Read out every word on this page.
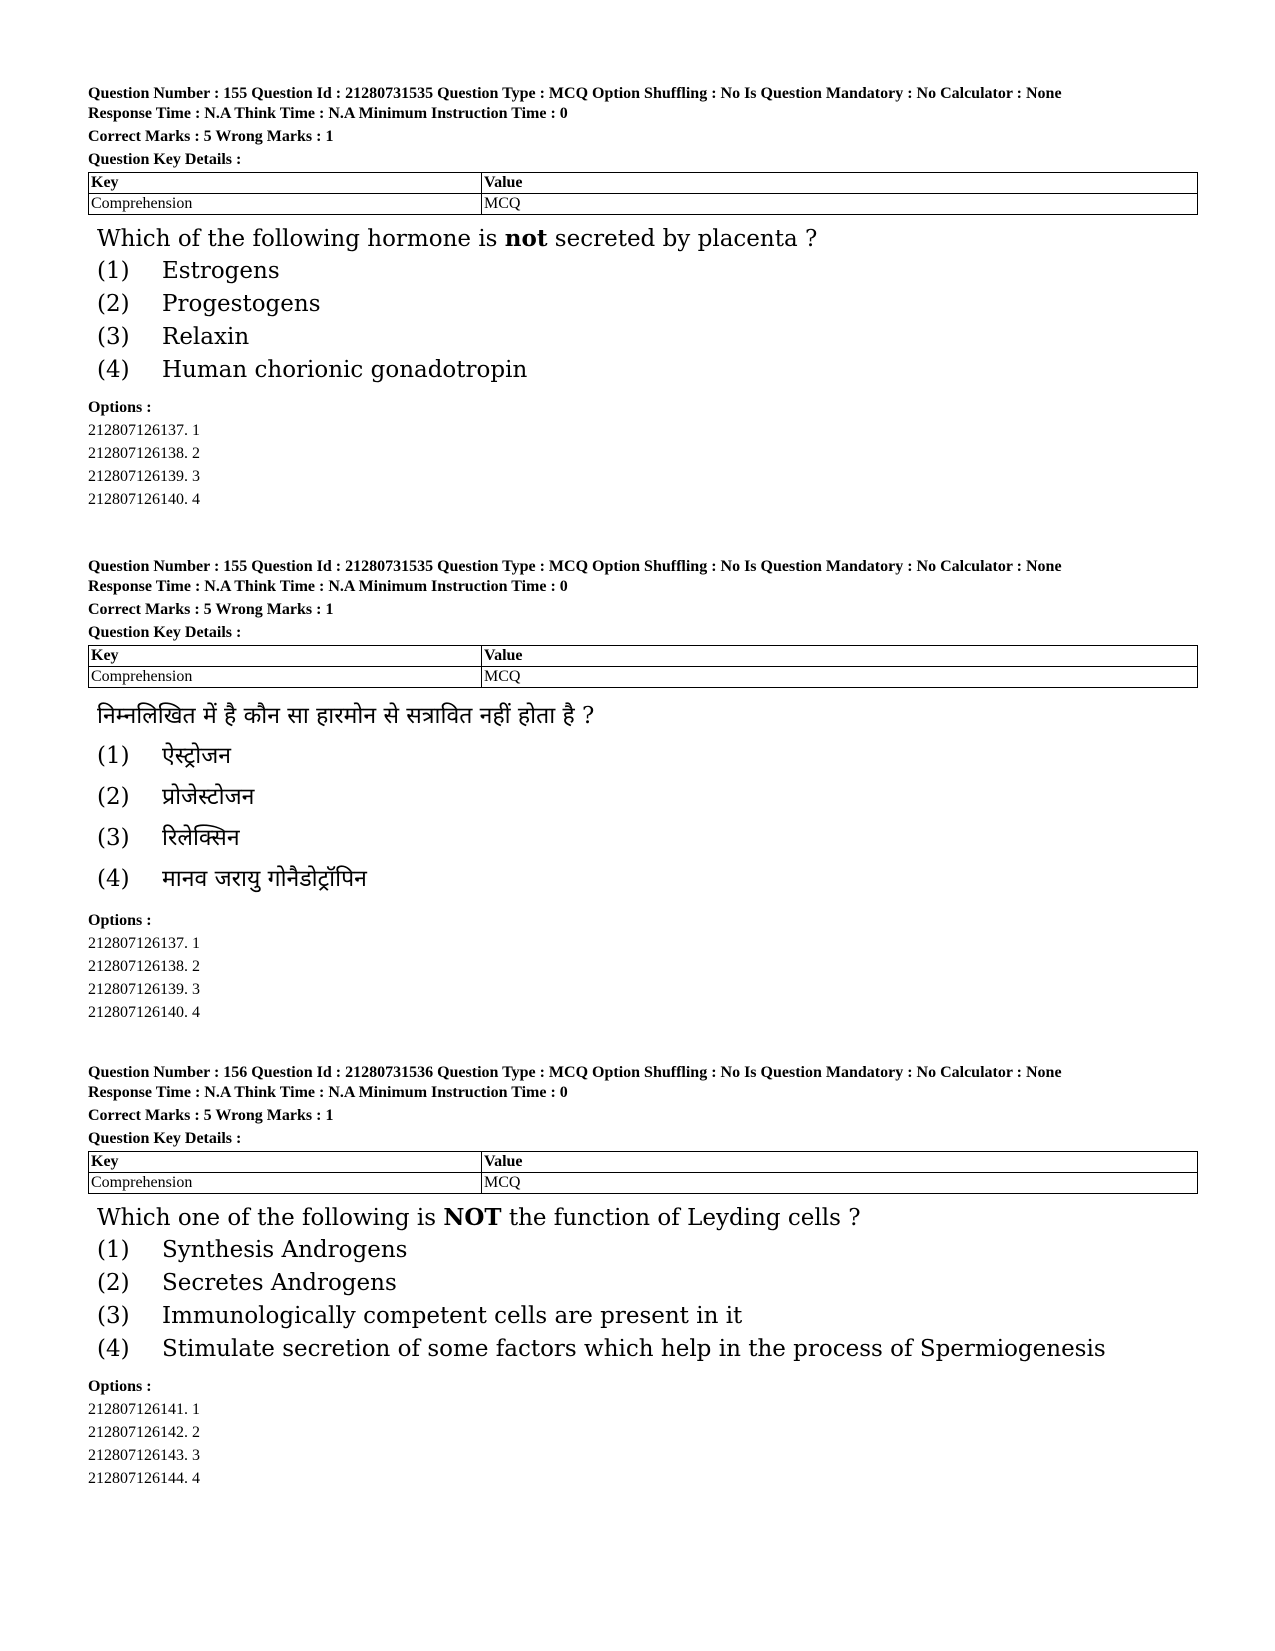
Question Number : 155 Question Id : 21280731535 Question Type : MCQ Option Shuffling : No Is Question Mandatory : No Calculator : None

Response Time : N.A Think Time : N.A Minimum Instruction Time : 0

Correct Marks : 5 Wrong Marks : 1

Question Key Details :

Key	Value
Comprehension	MCQ
Which of the following hormone is not secreted by placenta ?
(1)	Estrogens
(2)	Progestogens
(3)	Relaxin
(4)	Human chorionic gonadotropin
Options :
212807126137. 1
212807126138. 2
212807126139. 3
212807126140. 4

Question Number : 155 Question Id : 21280731535 Question Type : MCQ Option Shuffling : No Is Question Mandatory : No Calculator : None

Response Time : N.A Think Time : N.A Minimum Instruction Time : 0

Correct Marks : 5 Wrong Marks : 1

Question Key Details :

Key	Value
Comprehension	MCQ
निम्नलिखित में है कौन सा हारमोन से सत्रावित नहीं होता है ?
(1)	ऐस्ट्रोजन
(2)	प्रोजेस्टोजन
(3)	रिलेक्सिन
(4)	मानव जरायु गोनैडोट्रॉपिन
Options :
212807126137. 1
212807126138. 2
212807126139. 3
212807126140. 4

Question Number : 156 Question Id : 21280731536 Question Type : MCQ Option Shuffling : No Is Question Mandatory : No Calculator : None

Response Time : N.A Think Time : N.A Minimum Instruction Time : 0

Correct Marks : 5 Wrong Marks : 1

Question Key Details :

Key	Value
Comprehension	MCQ
Which one of the following is NOT the function of Leyding cells ?
(1)	Synthesis Androgens
(2)	Secretes Androgens
(3)	Immunologically competent cells are present in it
(4)	Stimulate secretion of some factors which help in the process of Spermiogenesis
Options :
212807126141. 1
212807126142. 2
212807126143. 3
212807126144. 4
